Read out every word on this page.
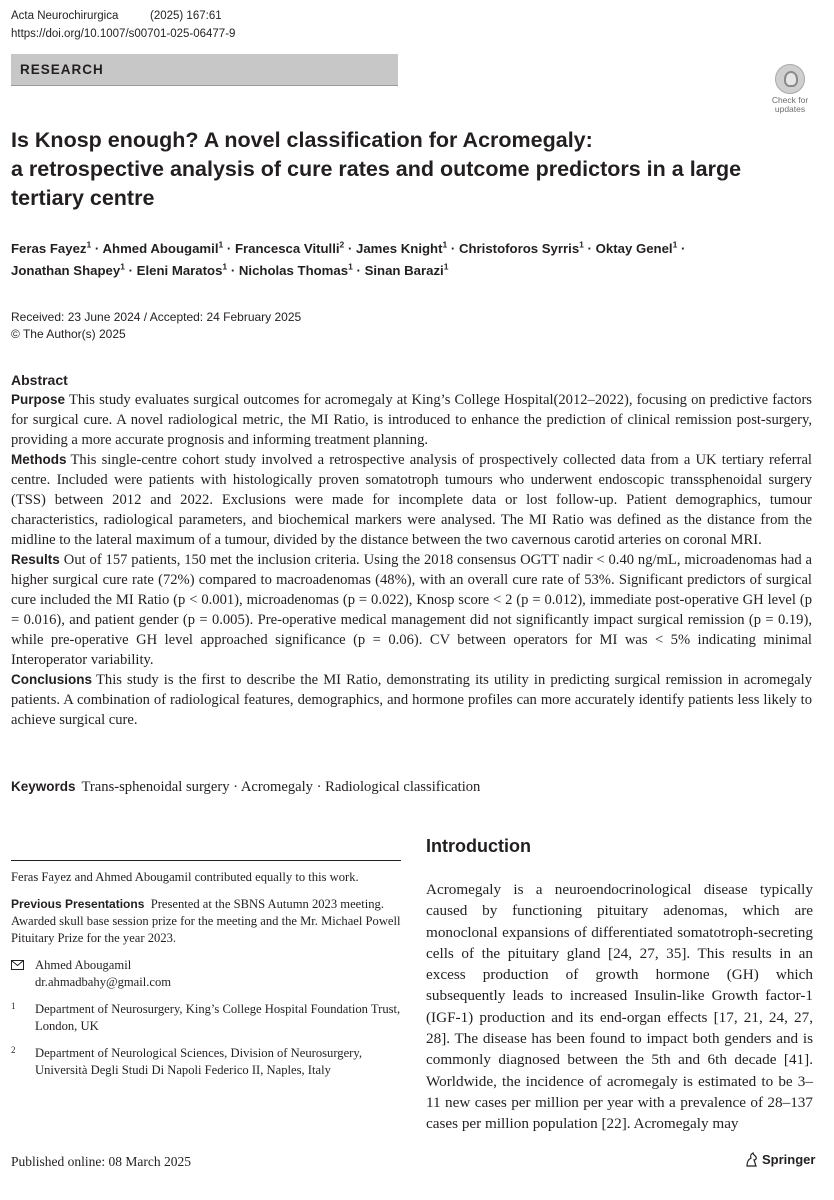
Acta Neurochirurgica	(2025) 167:61
https://doi.org/10.1007/s00701-025-06477-9
RESEARCH
Check for
updates
Is Knosp enough? A novel classification for Acromegaly:
a retrospective analysis of cure rates and outcome predictors in a large
tertiary centre
Feras Fayez$^1$ · Ahmed Abougamil$^1$ · Francesca Vitulli$^2$ · James Knight$^1$ · Christoforos Syrris$^1$ · Oktay Genel$^1$ ·
Jonathan Shapey$^1$ · Eleni Maratos$^1$ · Nicholas Thomas$^1$ · Sinan Barazi$^1$
Received: 23 June 2024 / Accepted: 24 February 2025
© The Author(s) 2025
Abstract

Purpose This study evaluates surgical outcomes for acromegaly at King’s College Hospital(2012–2022), focusing on predictive factors for surgical cure. A novel radiological metric, the MI Ratio, is introduced to enhance the prediction of clinical remission post-surgery, providing a more accurate prognosis and informing treatment planning.

Methods This single-centre cohort study involved a retrospective analysis of prospectively collected data from a UK tertiary referral centre. Included were patients with histologically proven somatotroph tumours who underwent endoscopic transsphenoidal surgery (TSS) between 2012 and 2022. Exclusions were made for incomplete data or lost follow-up. Patient demographics, tumour characteristics, radiological parameters, and biochemical markers were analysed. The MI Ratio was defined as the distance from the midline to the lateral maximum of a tumour, divided by the distance between the two cavernous carotid arteries on coronal MRI.

Results Out of 157 patients, 150 met the inclusion criteria. Using the 2018 consensus OGTT nadir < 0.40 ng/mL, microadenomas had a higher surgical cure rate (72%) compared to macroadenomas (48%), with an overall cure rate of 53%. Significant predictors of surgical cure included the MI Ratio (p < 0.001), microadenomas (p = 0.022), Knosp score < 2 (p = 0.012), immediate post-operative GH level (p = 0.016), and patient gender (p = 0.005). Pre-operative medical management did not significantly impact surgical remission (p = 0.19), while pre-operative GH level approached significance (p = 0.06). CV between operators for MI was < 5% indicating minimal Interoperator variability.

Conclusions This study is the first to describe the MI Ratio, demonstrating its utility in predicting surgical remission in acromegaly patients. A combination of radiological features, demographics, and hormone profiles can more accurately identify patients less likely to achieve surgical cure.

Keywords Trans-sphenoidal surgery · Acromegaly · Radiological classification

Feras Fayez and Ahmed Abougamil contributed equally to this work.

Previous Presentations Presented at the SBNS Autumn 2023 meeting. Awarded skull base session prize for the meeting and the Mr. Michael Powell Pituitary Prize for the year 2023.

Ahmed Abougamil
dr.ahmadbahy@gmail.com
1 Department of Neurosurgery, King’s College Hospital Foundation Trust, London, UK
2 Department of Neurological Sciences, Division of Neurosurgery, Università Degli Studi Di Napoli Federico II, Naples, Italy
Introduction

Acromegaly is a neuroendocrinological disease typically caused by functioning pituitary adenomas, which are monoclonal expansions of differentiated somatotroph-secreting cells of the pituitary gland [24, 27, 35]. This results in an excess production of growth hormone (GH) which subsequently leads to increased Insulin-like Growth factor-1 (IGF-1) production and its end-organ effects [17, 21, 24, 27, 28]. The disease has been found to impact both genders and is commonly diagnosed between the 5th and 6th decade [41]. Worldwide, the incidence of acromegaly is estimated to be 3–11 new cases per million per year with a prevalence of 28–137 cases per million population [22]. Acromegaly may

Published online: 08 March 2025	Springer
